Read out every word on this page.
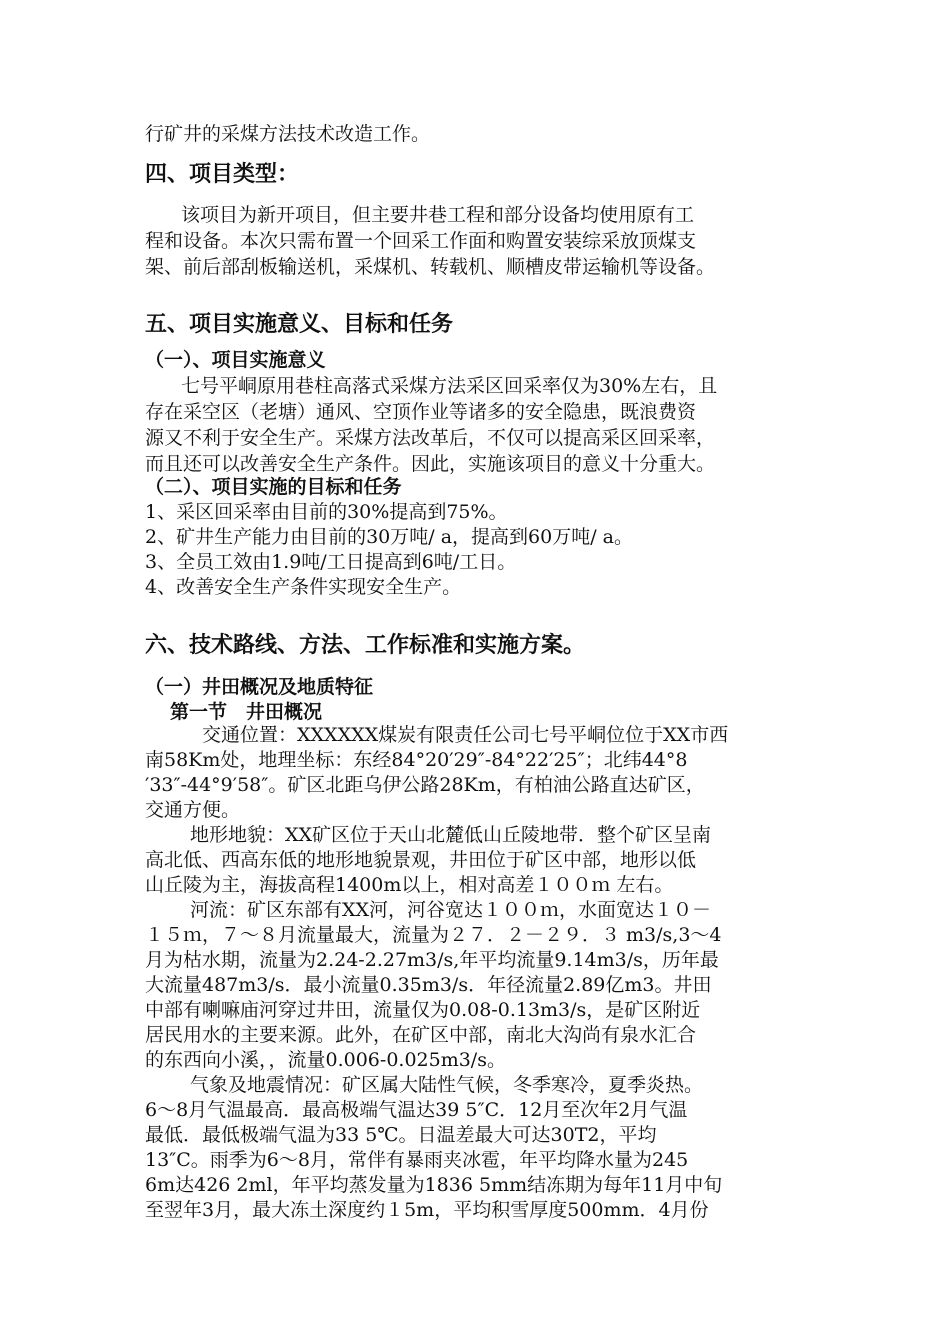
行矿井的采煤方法技术改造工作。

四、项目类型：

该项目为新开项目，但主要井巷工程和部分设备均使用原有工

程和设备。本次只需布置一个回采工作面和购置安装综采放顶煤支

架、前后部刮板输送机，采煤机、转载机、顺槽皮带运输机等设备。

五、项目实施意义、目标和任务
（一）、项目实施意义

七号平峒原用巷柱高落式采煤方法采区回采率仅为30%左右，且

存在采空区（老塘）通风、空顶作业等诸多的安全隐患，既浪费资

源又不利于安全生产。采煤方法改革后，不仅可以提高采区回采率，

而且还可以改善安全生产条件。因此，实施该项目的意义十分重大。

（二）、项目实施的目标和任务

1、采区回采率由目前的30%提高到75%。

2、矿井生产能力由目前的30万吨/ a，提高到60万吨/ a。

3、全员工效由1.9吨/工日提高到6吨/工日。

4、改善安全生产条件实现安全生产。

六、技术路线、方法、工作标准和实施方案。
（一）井田概况及地质特征
第一节　井田概况

交通位置：XXXXXX煤炭有限责任公司七号平峒位位于XX市西

南58Km处，地理坐标：东经84°20′29″-84°22′25″；北纬44°8

′33″-44°9′58″。矿区北距乌伊公路28Km，有柏油公路直达矿区，

交通方便。

地形地貌：XX矿区位于天山北麓低山丘陵地带．整个矿区呈南

高北低、西高东低的地形地貌景观，井田位于矿区中部，地形以低

山丘陵为主，海拔高程1400m以上，相对高差１００ｍ 左右。

河流：矿区东部有XX河，河谷宽达１００ｍ，水面宽达１０－

１５ｍ，７～８月流量最大，流量为２７．２－２９．３ m3/s,3～4

月为枯水期，流量为2.24-2.27m3/s,年平均流量9.14m3/s，历年最

大流量487m3/s．最小流量0.35m3/s．年径流量2.89亿m3。井田

中部有喇嘛庙河穿过井田，流量仅为0.08-0.13m3/s，是矿区附近

居民用水的主要来源。此外，在矿区中部，南北大沟尚有泉水汇合

的东西向小溪，，流量0.006-0.025m3/s。

气象及地震情况：矿区属大陆性气候，冬季寒冷，夏季炎热。

6～8月气温最高．最高极端气温达39 5″C．12月至次年2月气温

最低．最低极端气温为33 5℃。日温差最大可达30T2，平均

13″C。雨季为6～8月，常伴有暴雨夹冰雹，年平均降水量为245

6m达426 2ml，年平均蒸发量为1836 5mm结冻期为每年11月中旬

至翌年3月，最大冻土深度约１5m，平均积雪厚度500mm．4月份
